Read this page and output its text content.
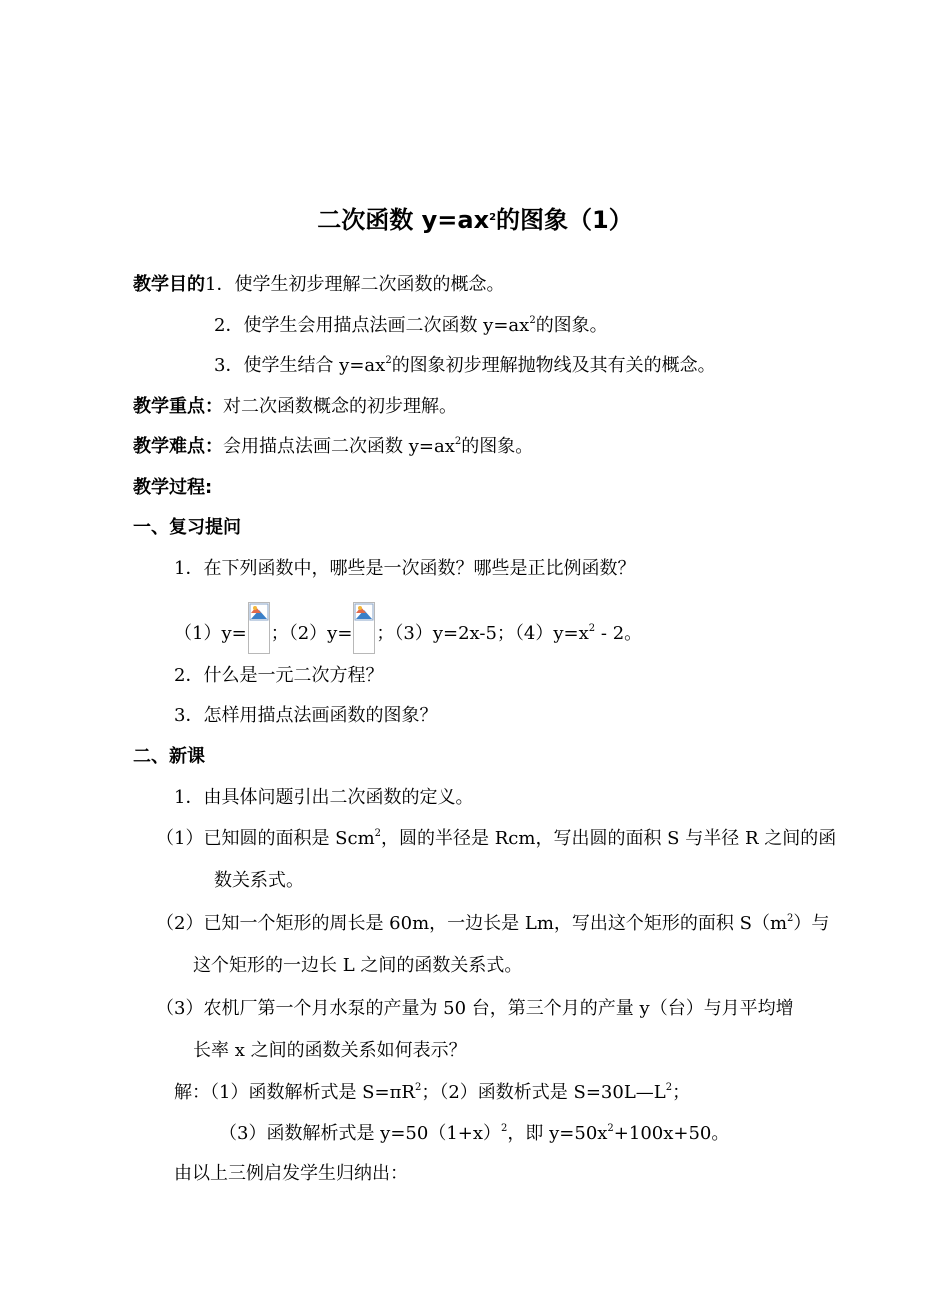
二次函数 $y=ax^2$的图象（1）
教学目的1．使学生初步理解二次函数的概念。
2．使学生会用描点法画二次函数 $y=ax^2$的图象。
3．使学生结合 $y=ax^2$的图象初步理解抛物线及其有关的概念。
教学重点：对二次函数概念的初步理解。
教学难点：会用描点法画二次函数 $y=ax^2$的图象。
教学过程:
一、复习提问
1．在下列函数中，哪些是一次函数？哪些是正比例函数？
（1）y= ；（2）y= ；（3）y=2x-5；$(4)y=x^2 - 2$。
2．什么是一元二次方程？
3．怎样用描点法画函数的图象？
二、新课
1．由具体问题引出二次函数的定义。
（1）已知圆的面积是 Scm$^2$，圆的半径是 Rcm，写出圆的面积 S 与半径 R 之间的函
数关系式。
（2）已知一个矩形的周长是 60m，一边长是 Lm，写出这个矩形的面积 $S(m^2)$与
这个矩形的一边长 L 之间的函数关系式。
（3）农机厂第一个月水泵的产量为 50 台，第三个月的产量 y（台）与月平均增
长率 x 之间的函数关系如何表示？
解：（1）函数解析式是 $S=\pi R^2$；（2）函数析式是 $S=30L—L^2$；
（3）函数解析式是 $y=50(1+x)^2$，即 $y=50x^2+100x+50$。
由以上三例启发学生归纳出：
